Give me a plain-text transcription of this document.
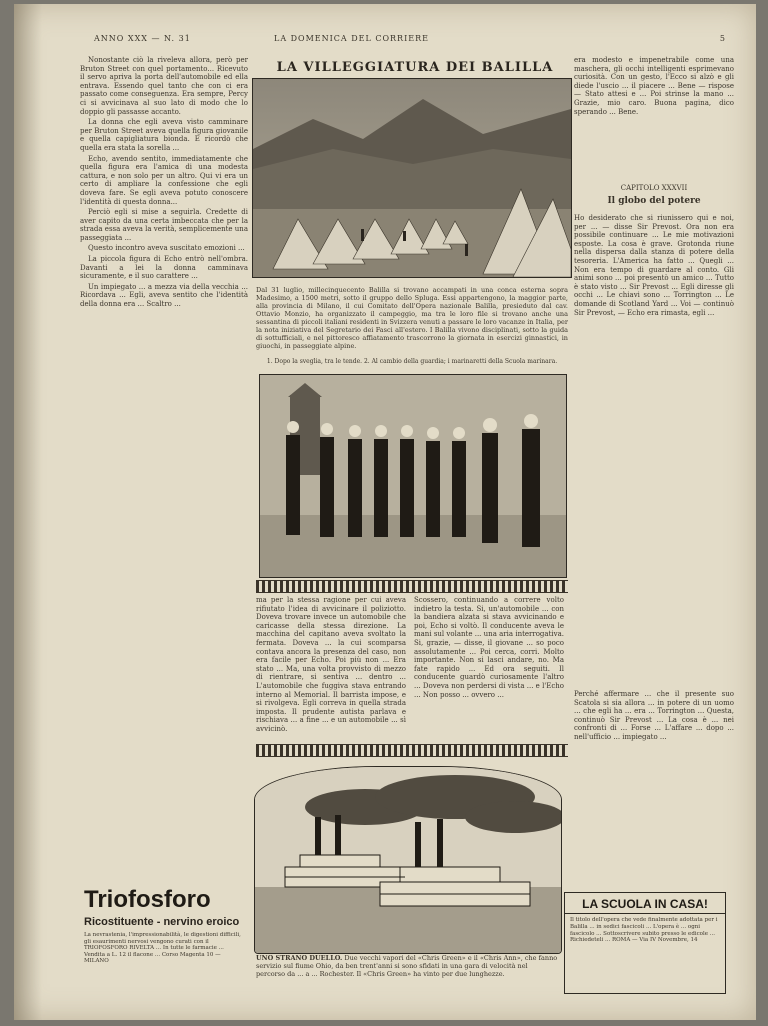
ANNO XXX — N. 31	LA DOMENICA DEL CORRIERE	5

Nonostante ciò la riveleva allora, però per Bruton Street con quel portamento... Ricevuto il servo apriva la porta dell'automobile ed ella entrava. Essendo quel tanto che con ci era passato come conseguenza. Era sempre, Percy ci si avvicinava al suo lato di modo che lo doppio gli passasse accanto.

La donna che egli aveva visto camminare per Bruton Street aveva quella figura giovanile e quella capigliatura bionda. E ricordò che quella era stata la sorella ...

Echo, avendo sentito, immediatamente che quella figura era l'amica di una modesta cattura, e non solo per un altro. Qui vi era un certo di ampliare la confessione che egli doveva fare. Se egli aveva potuto conoscere l'identità di questa donna...

Perciò egli si mise a seguirla. Credette di aver capito da una certa imbeccata che per la strada essa aveva la verità, semplicemente una passeggiata ...

Questo incontro aveva suscitato emozioni ...

La piccola figura di Echo entrò nell'ombra. Davanti a lei la donna camminava sicuramente, e il suo carattere ...

Un impiegato ... a mezza via della vecchia ... Ricordava ... Egli, aveva sentito che l'identità della donna era ... Scaltro ...

LA VILLEGGIATURA DEI BALILLA
Dal 31 luglio, millecinquecento Balilla si trovano accampati in una conca esterna sopra Madesimo, a 1500 metri, sotto il gruppo dello Spluga. Essi appartengono, la maggior parte, alla provincia di Milano, il cui Comitato dell'Opera nazionale Balilla, presieduto dal cav. Ottavio Monzio, ha organizzato il campeggio, ma tra le loro file si trovano anche una sessantina di piccoli italiani residenti in Svizzera venuti a passare le loro vacanze in Italia, per la nota iniziativa del Segretario dei Fasci all'estero. I Balilla vivono disciplinati, sotto la guida di sottufficiali, e nel pittoresco affiatamento trascorrono la giornata in esercizi ginnastici, in giuochi, in passeggiate alpine.
1. Dopo la sveglia, tra le tende. 2. Al cambio della guardia; i marinaretti della Scuola marinara.
ma per la stessa ragione per cui aveva rifiutato l'idea di avvicinare il poliziotto. Doveva trovare invece un automobile che caricasse della stessa direzione. La macchina del capitano aveva svoltato la fermata. Doveva ... la cui scomparsa contava ancora la presenza del caso, non era facile per Echo. Poi più non ... Era stato ... Ma, una volta provvisto di mezzo di rientrare, si sentiva ... dentro ... L'automobile che fuggiva stava entrando interno al Memorial. Il barrista impose, e si rivolgeva. Egli correva in quella strada imposta. Il prudente autista parlava e rischiava ... a fine ... e un automobile ... sì avvicinò.
Scossero, continuando a correre volto indietro la testa. Si, un'automobile ... con la bandiera alzata si stava avvicinando e poi, Echo si voltò. Il conducente aveva le mani sul volante ... una aria interrogativa. Si, grazie, — disse, il giovane ... so poco assolutamente ... Poi cerca, corri. Molto importante. Non si lasci andare, no. Ma fate rapido ... Ed ora seguiti. Il conducente guardò curiosamente l'altro ... Doveva non perdersi di vista ... e l'Echo ... Non posso ... ovvero ...
UNO STRANO DUELLO. Due vecchi vapori del «Chris Green» e il «Chris Ann», che fanno servizio sul fiume Ohio, da ben trent'anni si sono sfidati in una gara di velocità nel percorso da ... a ... Rochester. Il «Chris Green» ha vinto per due lunghezze.
era modesto e impenetrabile come una maschera, gli occhi intelligenti esprimevano curiosità. Con un gesto, l'Ecco si alzò e gli diede l'uscio ... il piacere ... Bene — rispose — Stato attesi e ... Poi strinse la mano ... Grazie, mio caro. Buona pagina, dico sperando ... Bene.
CAPITOLO XXXVII
Il globo del potere
Ho desiderato che si riunissero qui e noi, per ... — disse Sir Prevost. Ora non era possibile continuare ... Le mie motivazioni esposte. La cosa è grave. Grotonda riune nella dispersa dalla stanza di potere della tesoreria. L'America ha fatto ... Quegli ... Non era tempo di guardare al conto. Gli animi sono ... poi presentò un amico ... Tutto è stato visto ... Sir Prevost ... Egli diresse gli occhi ... Le chiavi sono ... Torrington ... Le domande di Scotland Yard ... Voi — continuò Sir Prevost, — Echo era rimasta, egli ...
Perché affermare ... che il presente suo Scatola si sia allora ... in potere di un uomo ... che egli ha ... era ... Torrington ... Questa, continuò Sir Prevost ... La cosa è ... nei confronti di ... Forse ... L'affare ... dopo ... nell'ufficio ... impiegato ...
Triofosforo
Ricostituente - nervino eroico
La nevrastenia, l'impressionabilità, le digestioni difficili, gli esaurimenti nervosi vengono curati con il TRIOFOSFORO RIVELTA ... In tutte le farmacie ... Vendita a L. 12 il flacone ... Corso Magenta 10 — MILANO
LA SCUOLA IN CASA!
Il titolo dell'opera che vede finalmente adottata per i Balilla ... in sedici fascicoli ... L'opera è ... ogni fascicolo ... Sottoscrivere subito presso le edicole ... Richiedeteli ... ROMA — Via IV Novembre, 14
